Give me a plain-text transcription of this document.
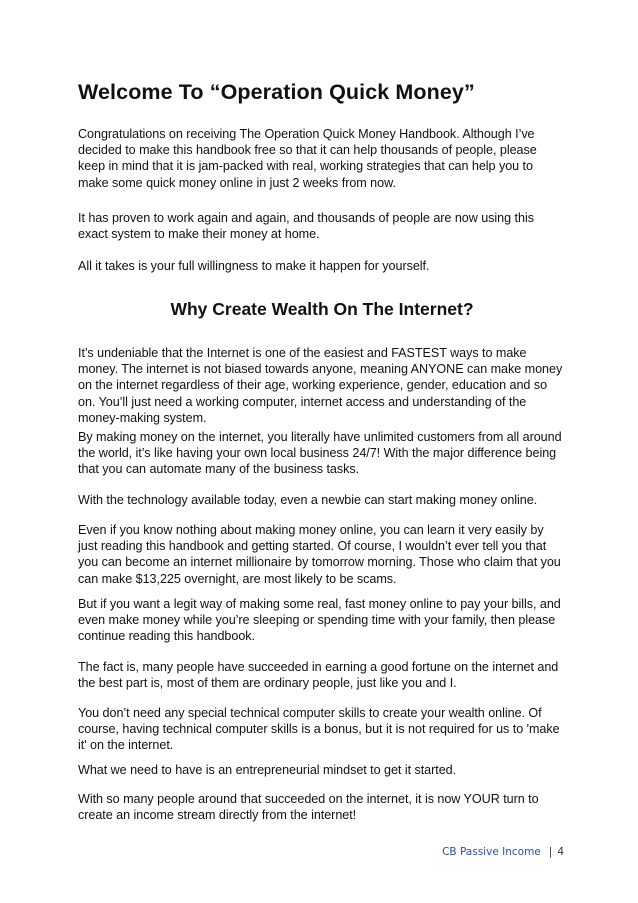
Welcome To “Operation Quick Money”

Congratulations on receiving The Operation Quick Money Handbook. Although I’ve decided to make this handbook free so that it can help thousands of people, please keep in mind that it is jam-packed with real, working strategies that can help you to make some quick money online in just 2 weeks from now.

It has proven to work again and again, and thousands of people are now using this exact system to make their money at home.

All it takes is your full willingness to make it happen for yourself.

Why Create Wealth On The Internet?

It’s undeniable that the Internet is one of the easiest and FASTEST ways to make money. The internet is not biased towards anyone, meaning ANYONE can make money on the internet regardless of their age, working experience, gender, education and so on. You’ll just need a working computer, internet access and understanding of the money-making system.

By making money on the internet, you literally have unlimited customers from all around the world, it’s like having your own local business 24/7! With the major difference being that you can automate many of the business tasks.

With the technology available today, even a newbie can start making money online.

Even if you know nothing about making money online, you can learn it very easily by just reading this handbook and getting started. Of course, I wouldn’t ever tell you that you can become an internet millionaire by tomorrow morning. Those who claim that you can make $13,225 overnight, are most likely to be scams.

But if you want a legit way of making some real, fast money online to pay your bills, and even make money while you’re sleeping or spending time with your family, then please continue reading this handbook.

The fact is, many people have succeeded in earning a good fortune on the internet and the best part is, most of them are ordinary people, just like you and I.

You don’t need any special technical computer skills to create your wealth online. Of course, having technical computer skills is a bonus, but it is not required for us to 'make it' on the internet.

What we need to have is an entrepreneurial mindset to get it started.

With so many people around that succeeded on the internet, it is now YOUR turn to create an income stream directly from the internet!

CB Passive Income | 4
